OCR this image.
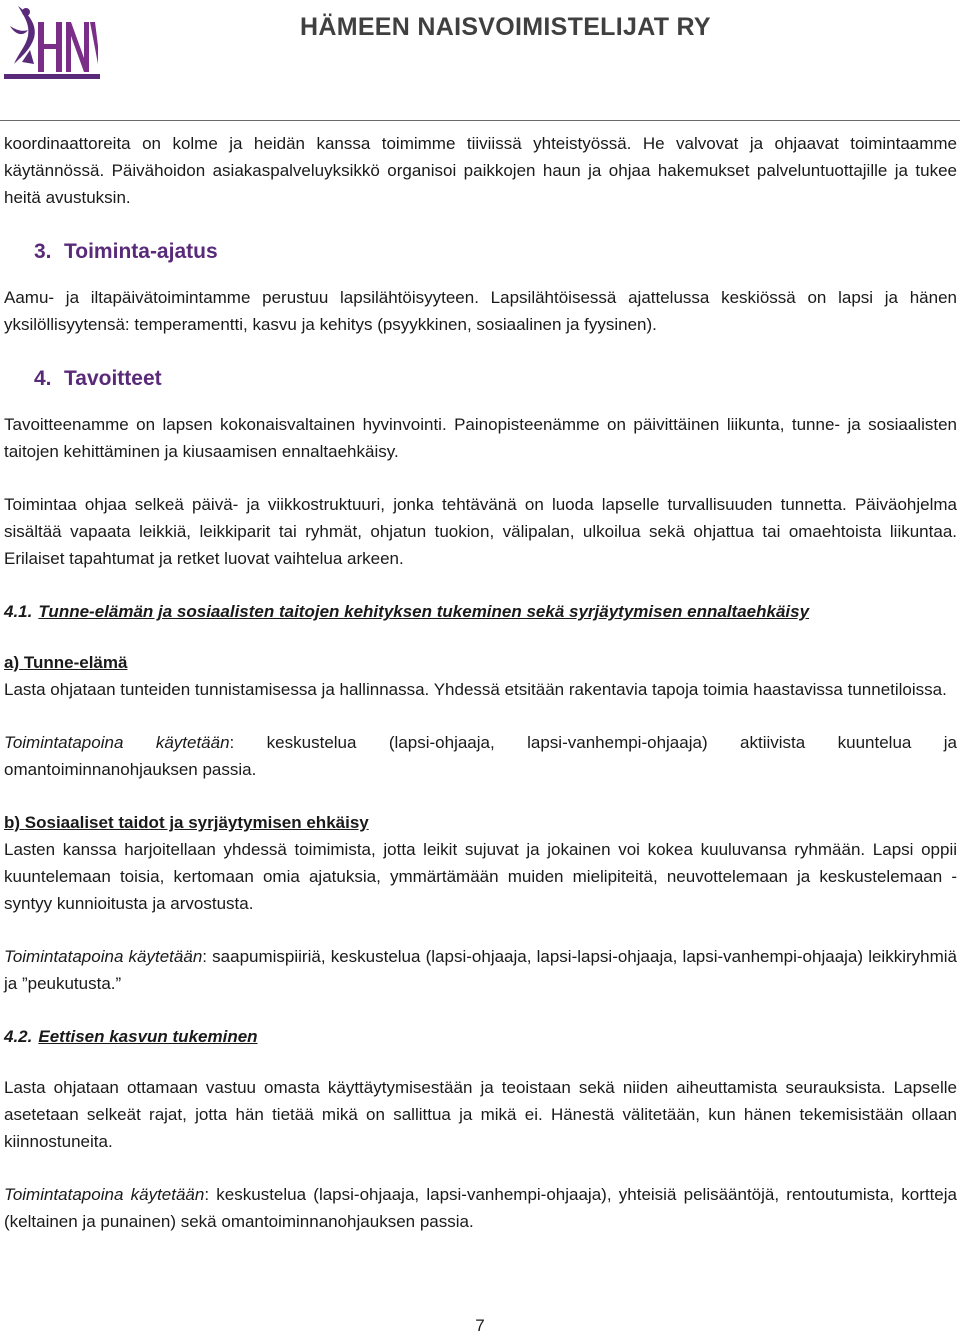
HÄMEEN NAISVOIMISTELIJAT RY

koordinaattoreita on kolme ja heidän kanssa toimimme tiiviissä yhteistyössä. He valvovat ja ohjaavat toimintaamme käytännössä. Päivähoidon asiakaspalveluyksikkö organisoi paikkojen haun ja ohjaa hakemukset palveluntuottajille ja tukee heitä avustuksin.

3. Toiminta-ajatus

Aamu- ja iltapäivätoimintamme perustuu lapsilähtöisyyteen. Lapsilähtöisessä ajattelussa keskiössä on lapsi ja hänen yksilöllisyytensä: temperamentti, kasvu ja kehitys (psyykkinen, sosiaalinen ja fyysinen).

4. Tavoitteet

Tavoitteenamme on lapsen kokonaisvaltainen hyvinvointi. Painopisteenämme on päivittäinen liikunta, tunne- ja sosiaalisten taitojen kehittäminen ja kiusaamisen ennaltaehkäisy.

Toimintaa ohjaa selkeä päivä- ja viikkostruktuuri, jonka tehtävänä on luoda lapselle turvallisuuden tunnetta. Päiväohjelma sisältää vapaata leikkiä, leikkiparit tai ryhmät, ohjatun tuokion, välipalan, ulkoilua sekä ohjattua tai omaehtoista liikuntaa. Erilaiset tapahtumat ja retket luovat vaihtelua arkeen.

4.1. Tunne-elämän ja sosiaalisten taitojen kehityksen tukeminen sekä syrjäytymisen ennaltaehkäisy
a) Tunne-elämä

Lasta ohjataan tunteiden tunnistamisessa ja hallinnassa. Yhdessä etsitään rakentavia tapoja toimia haastavissa tunnetiloissa.

Toimintatapoina käytetään: keskustelua (lapsi-ohjaaja, lapsi-vanhempi-ohjaaja) aktiivista kuuntelua ja omantoiminnanohjauksen passia.

b) Sosiaaliset taidot ja syrjäytymisen ehkäisy

Lasten kanssa harjoitellaan yhdessä toimimista, jotta leikit sujuvat ja jokainen voi kokea kuuluvansa ryhmään. Lapsi oppii kuuntelemaan toisia, kertomaan omia ajatuksia, ymmärtämään muiden mielipiteitä, neuvottelemaan ja keskustelemaan - syntyy kunnioitusta ja arvostusta.

Toimintatapoina käytetään: saapumispiiriä, keskustelua (lapsi-ohjaaja, lapsi-lapsi-ohjaaja, lapsi-vanhempi-ohjaaja) leikkiryhmiä ja ”peukutusta.”

4.2. Eettisen kasvun tukeminen

Lasta ohjataan ottamaan vastuu omasta käyttäytymisestään ja teoistaan sekä niiden aiheuttamista seurauksista. Lapselle asetetaan selkeät rajat, jotta hän tietää mikä on sallittua ja mikä ei. Hänestä välitetään, kun hänen tekemisistään ollaan kiinnostuneita.

Toimintatapoina käytetään: keskustelua (lapsi-ohjaaja, lapsi-vanhempi-ohjaaja), yhteisiä pelisääntöjä, rentoutumista, kortteja (keltainen ja punainen) sekä omantoiminnanohjauksen passia.

7
